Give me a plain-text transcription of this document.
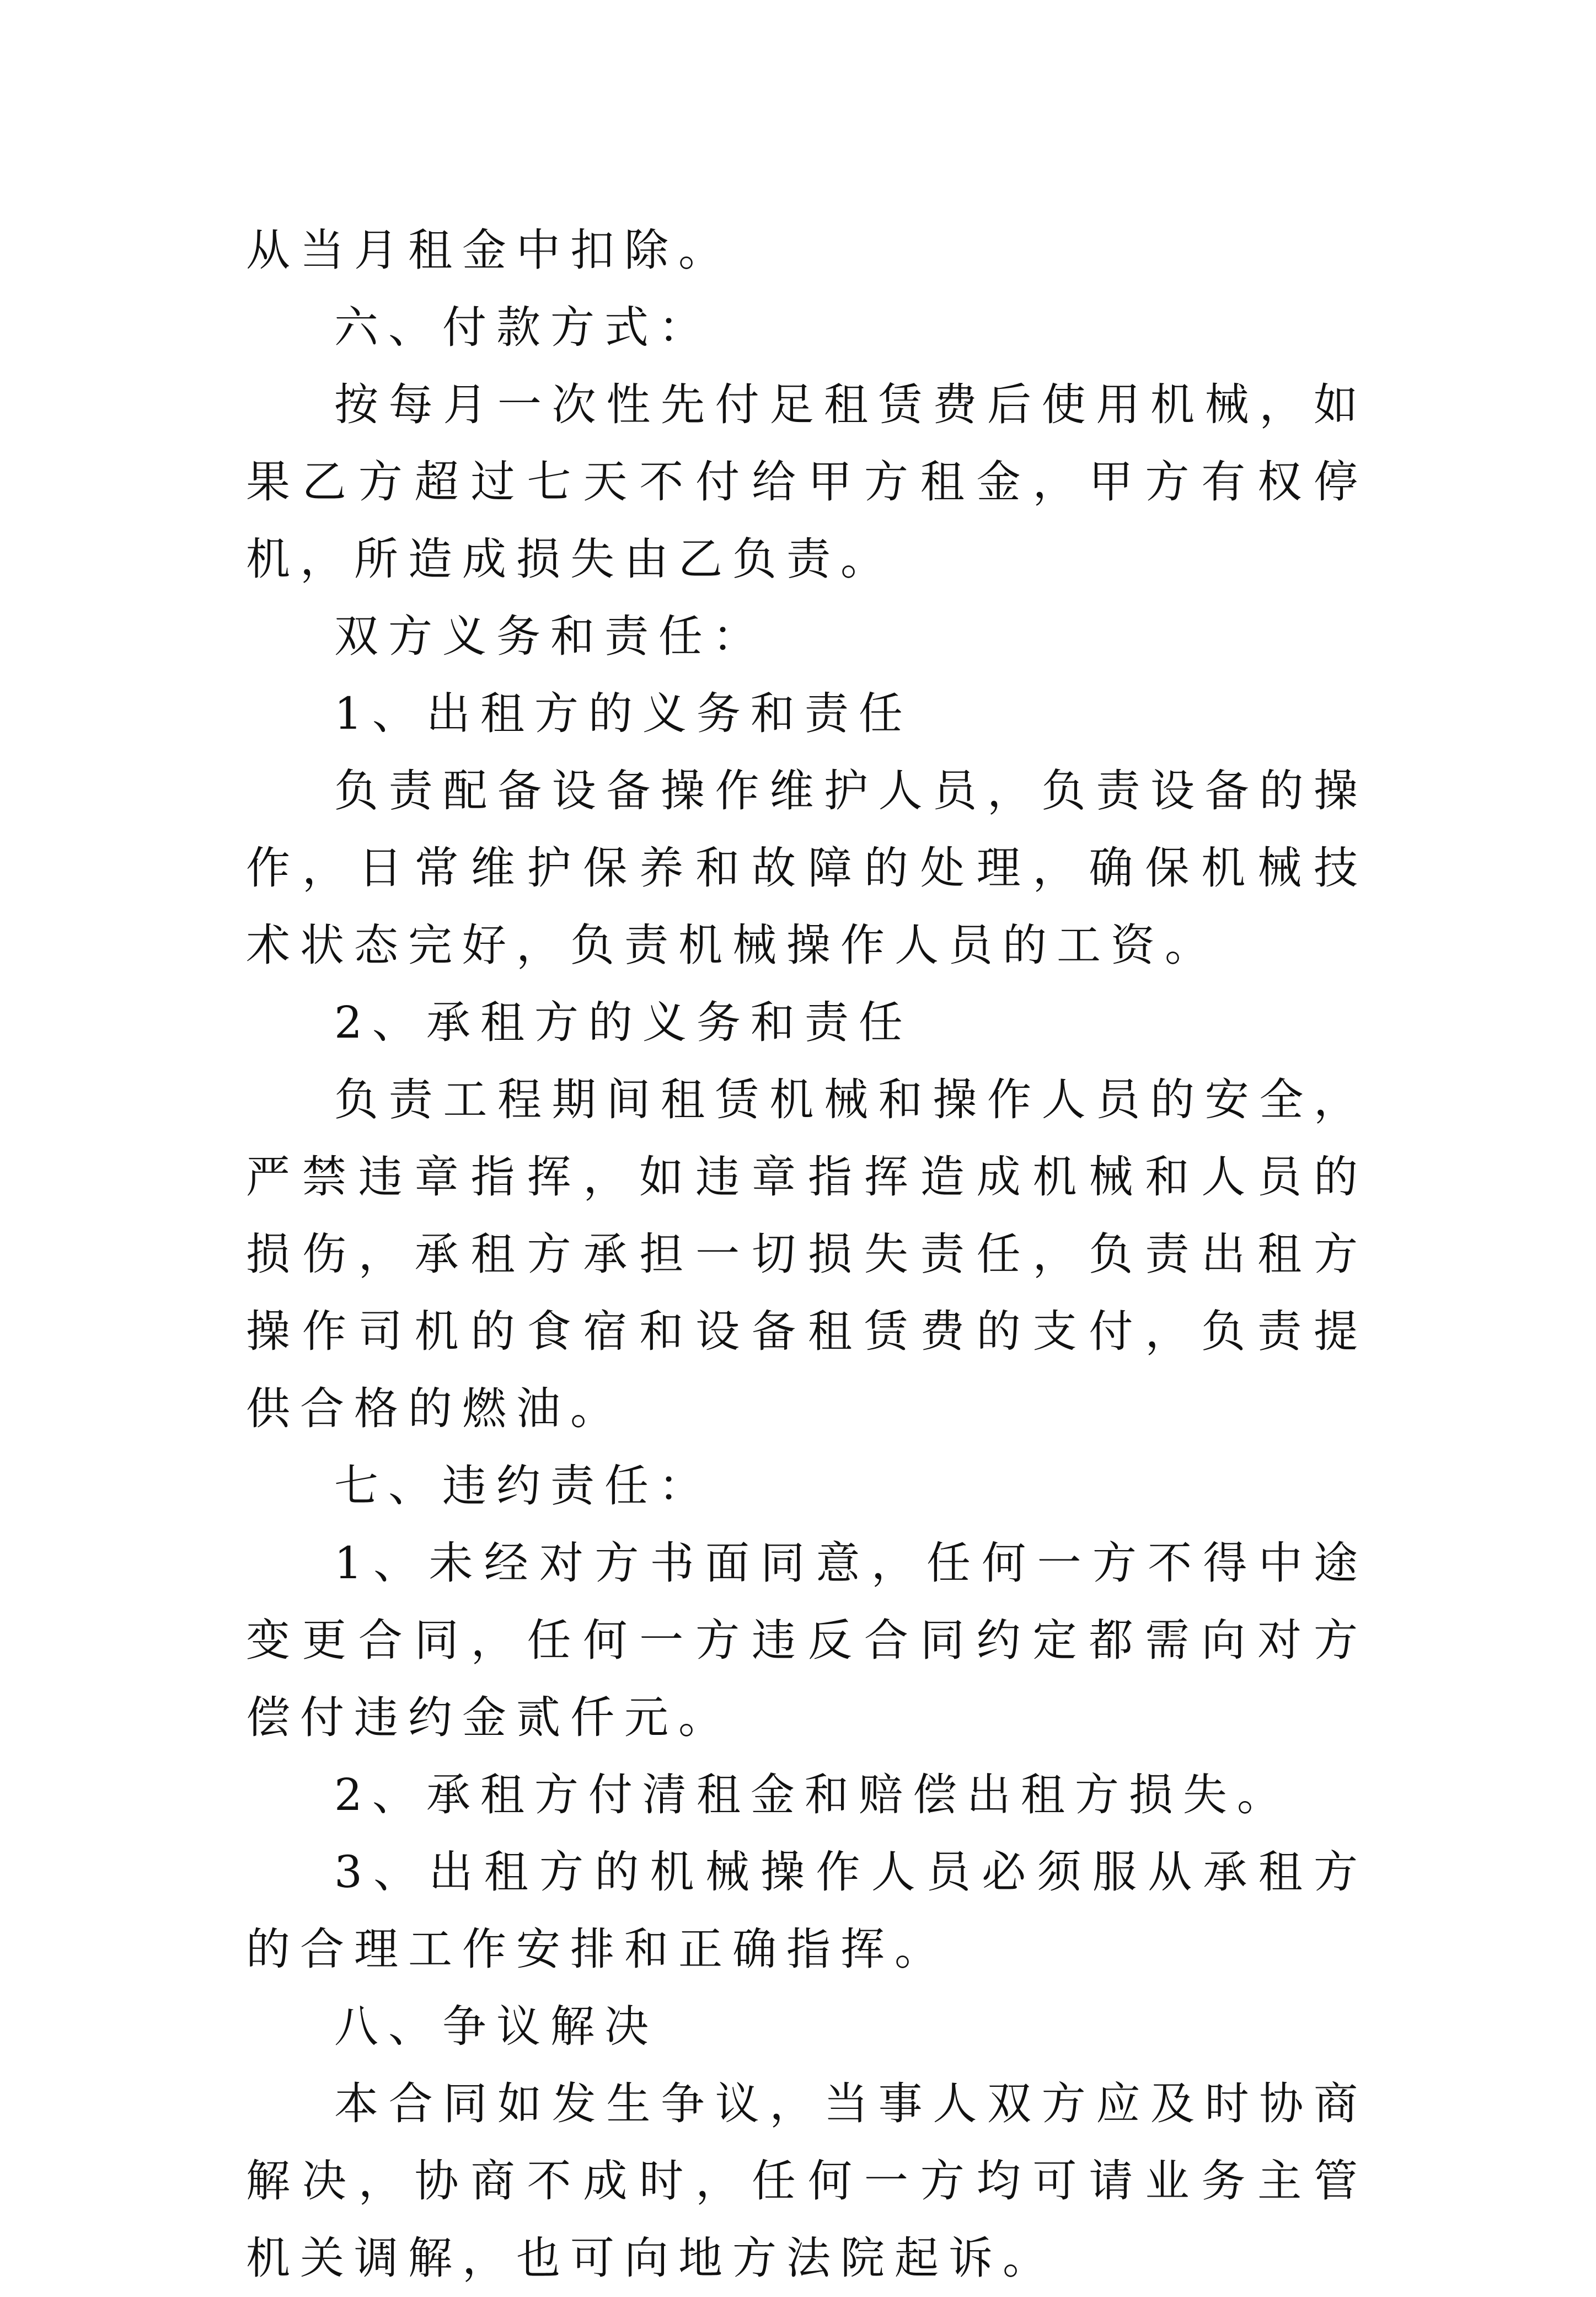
从当月租金中扣除。

六、付款方式：

按每月一次性先付足租赁费后使用机械，如果乙方超过七天不付给甲方租金，甲方有权停机，所造成损失由乙负责。

双方义务和责任：

1、出租方的义务和责任

负责配备设备操作维护人员，负责设备的操作，日常维护保养和故障的处理，确保机械技术状态完好，负责机械操作人员的工资。

2、承租方的义务和责任

负责工程期间租赁机械和操作人员的安全，严禁违章指挥，如违章指挥造成机械和人员的损伤，承租方承担一切损失责任，负责出租方操作司机的食宿和设备租赁费的支付，负责提供合格的燃油。

七、违约责任：

1、未经对方书面同意，任何一方不得中途变更合同，任何一方违反合同约定都需向对方偿付违约金贰仟元。

2、承租方付清租金和赔偿出租方损失。

3、出租方的机械操作人员必须服从承租方的合理工作安排和正确指挥。

八、争议解决

本合同如发生争议，当事人双方应及时协商解决，协商不成时，任何一方均可请业务主管机关调解，也可向地方法院起诉。
